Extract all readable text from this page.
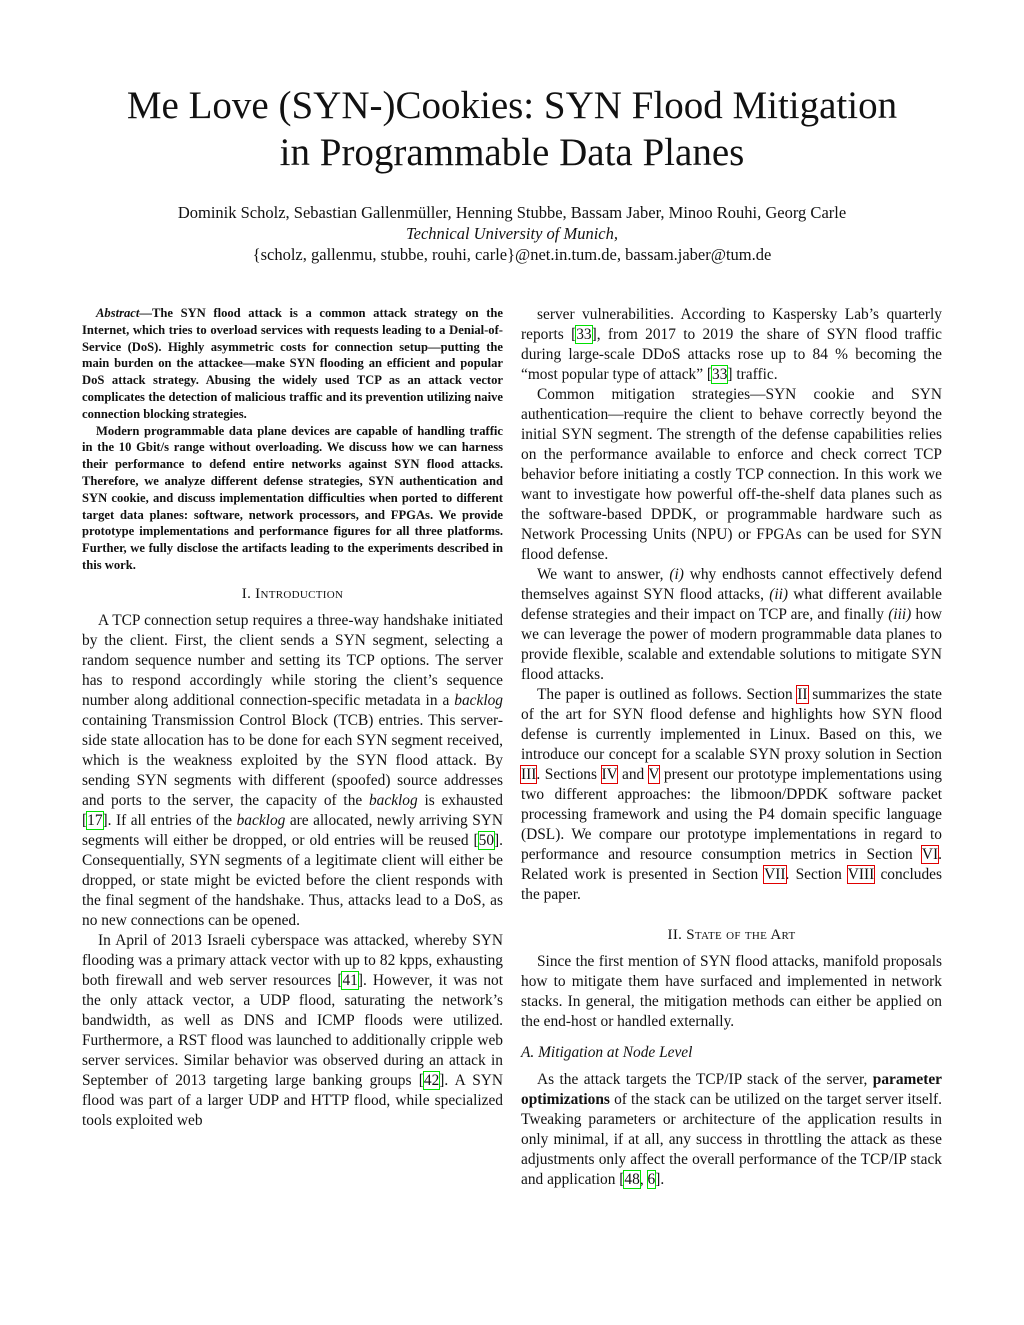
Me Love (SYN-)Cookies: SYN Flood Mitigation
in Programmable Data Planes
Dominik Scholz, Sebastian Gallenmüller, Henning Stubbe, Bassam Jaber, Minoo Rouhi, Georg Carle
Technical University of Munich,
{scholz, gallenmu, stubbe, rouhi, carle}@net.in.tum.de, bassam.jaber@tum.de

Abstract—The SYN flood attack is a common attack strategy on the Internet, which tries to overload services with requests leading to a Denial-of-Service (DoS). Highly asymmetric costs for connection setup—putting the main burden on the attackee—make SYN flooding an efficient and popular DoS attack strategy. Abusing the widely used TCP as an attack vector complicates the detection of malicious traffic and its prevention utilizing naive connection blocking strategies.

Modern programmable data plane devices are capable of handling traffic in the 10 Gbit/s range without overloading. We discuss how we can harness their performance to defend entire networks against SYN flood attacks. Therefore, we analyze different defense strategies, SYN authentication and SYN cookie, and discuss implementation difficulties when ported to different target data planes: software, network processors, and FPGAs. We provide prototype implementations and performance figures for all three platforms. Further, we fully disclose the artifacts leading to the experiments described in this work.

I. Introduction

A TCP connection setup requires a three-way handshake initiated by the client. First, the client sends a SYN segment, selecting a random sequence number and setting its TCP options. The server has to respond accordingly while storing the client’s sequence number along additional connection-specific metadata in a backlog containing Transmission Control Block (TCB) entries. This server-side state allocation has to be done for each SYN segment received, which is the weakness exploited by the SYN flood attack. By sending SYN segments with different (spoofed) source addresses and ports to the server, the capacity of the backlog is exhausted [17]. If all entries of the backlog are allocated, newly arriving SYN segments will either be dropped, or old entries will be reused [50]. Consequentially, SYN segments of a legitimate client will either be dropped, or state might be evicted before the client responds with the final segment of the handshake. Thus, attacks lead to a DoS, as no new connections can be opened.

In April of 2013 Israeli cyberspace was attacked, whereby SYN flooding was a primary attack vector with up to 82 kpps, exhausting both firewall and web server resources [41]. However, it was not the only attack vector, a UDP flood, saturating the network’s bandwidth, as well as DNS and ICMP floods were utilized. Furthermore, a RST flood was launched to additionally cripple web server services. Similar behavior was observed during an attack in September of 2013 targeting large banking groups [42]. A SYN flood was part of a larger UDP and HTTP flood, while specialized tools exploited web

server vulnerabilities. According to Kaspersky Lab’s quarterly reports [33], from 2017 to 2019 the share of SYN flood traffic during large-scale DDoS attacks rose up to 84 % becoming the “most popular type of attack” [33] traffic.

Common mitigation strategies—SYN cookie and SYN authentication—require the client to behave correctly beyond the initial SYN segment. The strength of the defense capabilities relies on the performance available to enforce and check correct TCP behavior before initiating a costly TCP connection. In this work we want to investigate how powerful off-the-shelf data planes such as the software-based DPDK, or programmable hardware such as Network Processing Units (NPU) or FPGAs can be used for SYN flood defense.

We want to answer, (i) why endhosts cannot effectively defend themselves against SYN flood attacks, (ii) what different available defense strategies and their impact on TCP are, and finally (iii) how we can leverage the power of modern programmable data planes to provide flexible, scalable and extendable solutions to mitigate SYN flood attacks.

The paper is outlined as follows. Section II summarizes the state of the art for SYN flood defense and highlights how SYN flood defense is currently implemented in Linux. Based on this, we introduce our concept for a scalable SYN proxy solution in Section III. Sections IV and V present our prototype implementations using two different approaches: the libmoon/DPDK software packet processing framework and using the P4 domain specific language (DSL). We compare our prototype implementations in regard to performance and resource consumption metrics in Section VI. Related work is presented in Section VII. Section VIII concludes the paper.

II. State of the Art

Since the first mention of SYN flood attacks, manifold proposals how to mitigate them have surfaced and implemented in network stacks. In general, the mitigation methods can either be applied on the end-host or handled externally.

A. Mitigation at Node Level

As the attack targets the TCP/IP stack of the server, parameter optimizations of the stack can be utilized on the target server itself. Tweaking parameters or architecture of the application results in only minimal, if at all, any success in throttling the attack as these adjustments only affect the overall performance of the TCP/IP stack and application [48, 6].
